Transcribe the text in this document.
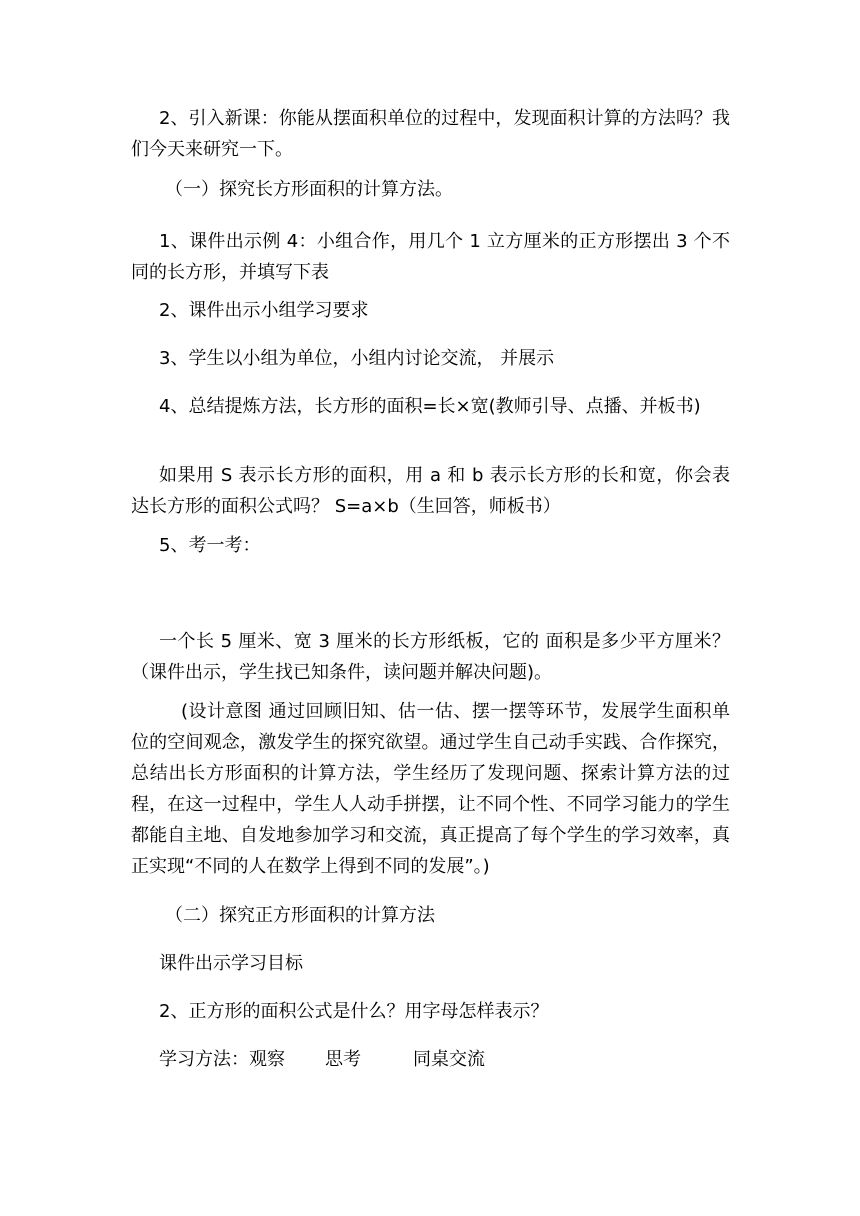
2、引入新课：你能从摆面积单位的过程中，发现面积计算的方法吗？我们今天来研究一下。

（一）探究长方形面积的计算方法。

1、课件出示例 4：小组合作，用几个 1 立方厘米的正方形摆出 3 个不同的长方形，并填写下表

2、课件出示小组学习要求

3、学生以小组为单位，小组内讨论交流， 并展示

4、总结提炼方法，长方形的面积=长×宽(教师引导、点播、并板书)

如果用 S 表示长方形的面积，用 a 和 b 表示长方形的长和宽，你会表达长方形的面积公式吗？ S=a×b（生回答，师板书）

5、考一考：

一个长 5 厘米、宽 3 厘米的长方形纸板，它的 面积是多少平方厘米？（课件出示，学生找已知条件，读问题并解决问题)。

(设计意图 通过回顾旧知、估一估、摆一摆等环节，发展学生面积单位的空间观念，激发学生的探究欲望。通过学生自己动手实践、合作探究，总结出长方形面积的计算方法，学生经历了发现问题、探索计算方法的过程，在这一过程中，学生人人动手拼摆，让不同个性、不同学习能力的学生都能自主地、自发地参加学习和交流，真正提高了每个学生的学习效率，真正实现“不同的人在数学上得到不同的发展”。)

（二）探究正方形面积的计算方法

课件出示学习目标

2、正方形的面积公式是什么？用字母怎样表示？

学习方法：观察 思考	同桌交流
